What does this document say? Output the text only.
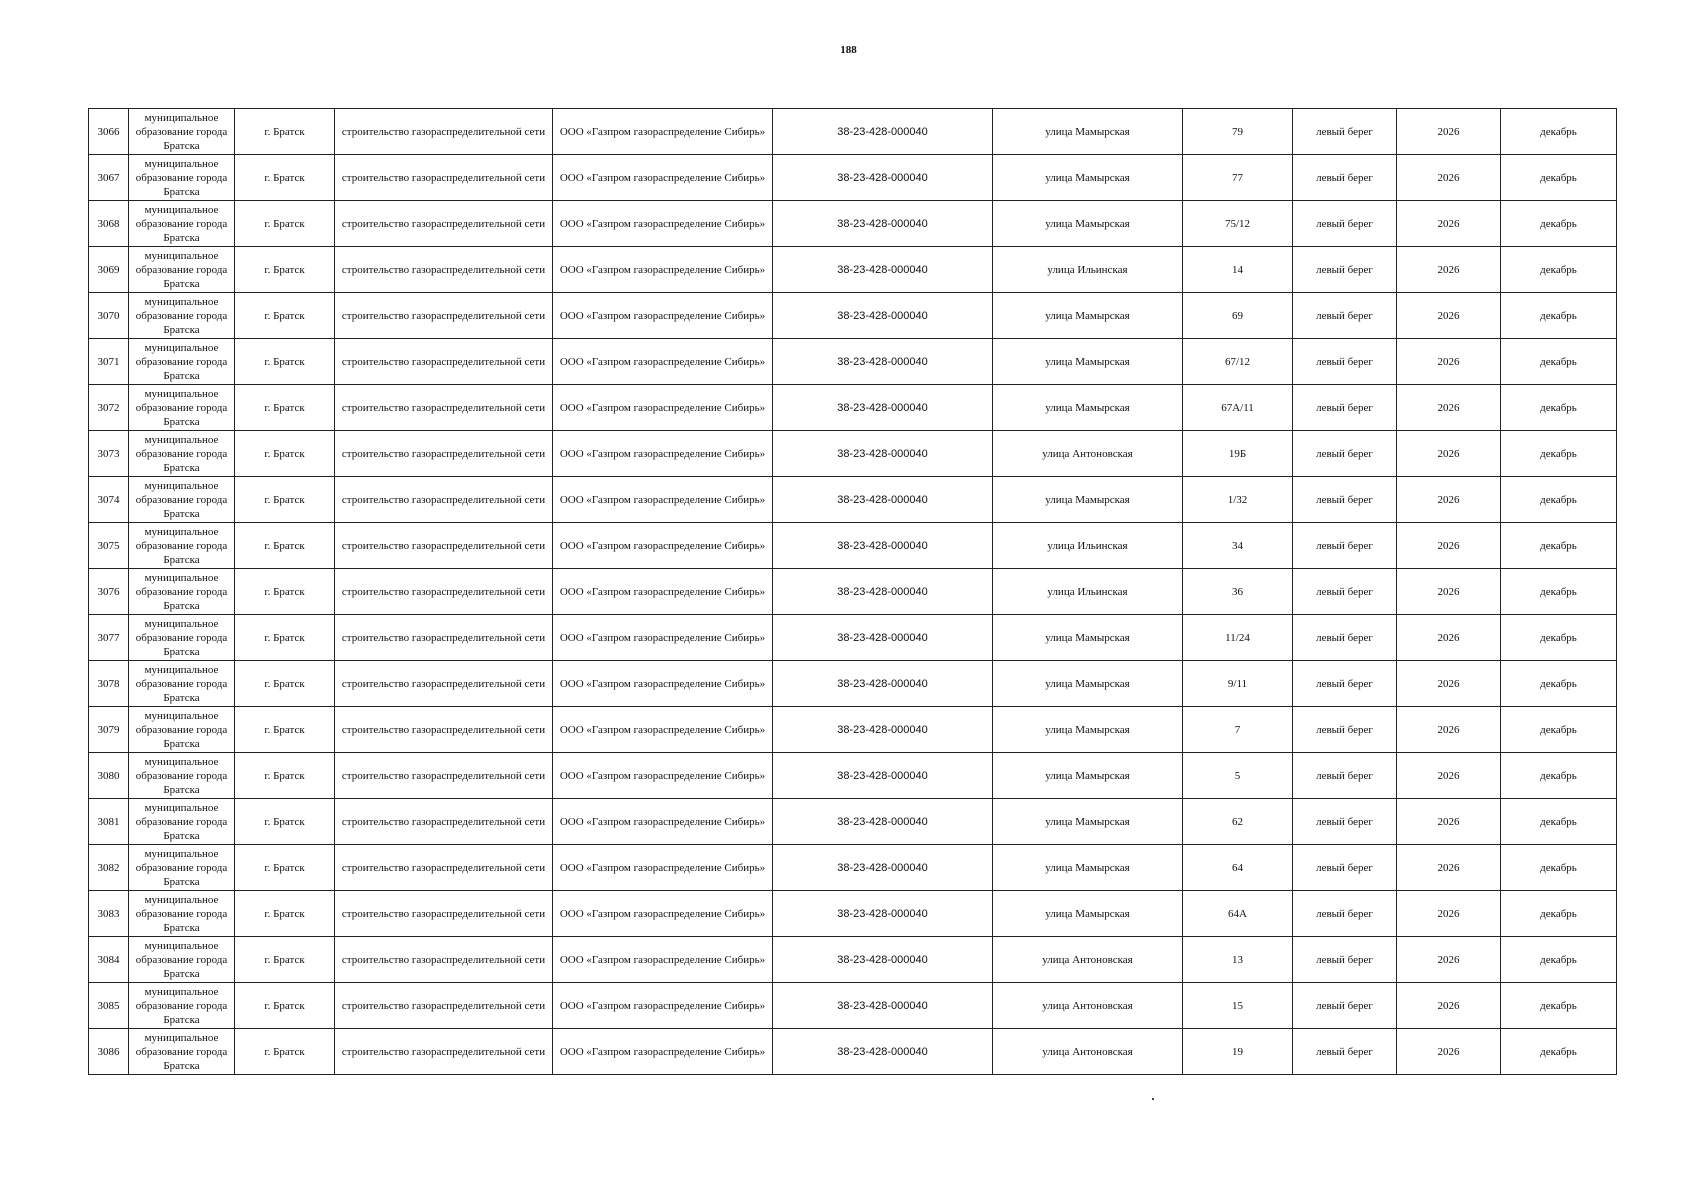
188
3066	муниципальное образование города Братска	г. Братск	строительство газораспределительной сети	ООО «Газпром газораспределение Сибирь»	38-23-428-000040	улица Мамырская	79	левый берег	2026	декабрь
3067	муниципальное образование города Братска	г. Братск	строительство газораспределительной сети	ООО «Газпром газораспределение Сибирь»	38-23-428-000040	улица Мамырская	77	левый берег	2026	декабрь
3068	муниципальное образование города Братска	г. Братск	строительство газораспределительной сети	ООО «Газпром газораспределение Сибирь»	38-23-428-000040	улица Мамырская	75/12	левый берег	2026	декабрь
3069	муниципальное образование города Братска	г. Братск	строительство газораспределительной сети	ООО «Газпром газораспределение Сибирь»	38-23-428-000040	улица Ильинская	14	левый берег	2026	декабрь
3070	муниципальное образование города Братска	г. Братск	строительство газораспределительной сети	ООО «Газпром газораспределение Сибирь»	38-23-428-000040	улица Мамырская	69	левый берег	2026	декабрь
3071	муниципальное образование города Братска	г. Братск	строительство газораспределительной сети	ООО «Газпром газораспределение Сибирь»	38-23-428-000040	улица Мамырская	67/12	левый берег	2026	декабрь
3072	муниципальное образование города Братска	г. Братск	строительство газораспределительной сети	ООО «Газпром газораспределение Сибирь»	38-23-428-000040	улица Мамырская	67А/11	левый берег	2026	декабрь
3073	муниципальное образование города Братска	г. Братск	строительство газораспределительной сети	ООО «Газпром газораспределение Сибирь»	38-23-428-000040	улица Антоновская	19Б	левый берег	2026	декабрь
3074	муниципальное образование города Братска	г. Братск	строительство газораспределительной сети	ООО «Газпром газораспределение Сибирь»	38-23-428-000040	улица Мамырская	1/32	левый берег	2026	декабрь
3075	муниципальное образование города Братска	г. Братск	строительство газораспределительной сети	ООО «Газпром газораспределение Сибирь»	38-23-428-000040	улица Ильинская	34	левый берег	2026	декабрь
3076	муниципальное образование города Братска	г. Братск	строительство газораспределительной сети	ООО «Газпром газораспределение Сибирь»	38-23-428-000040	улица Ильинская	36	левый берег	2026	декабрь
3077	муниципальное образование города Братска	г. Братск	строительство газораспределительной сети	ООО «Газпром газораспределение Сибирь»	38-23-428-000040	улица Мамырская	11/24	левый берег	2026	декабрь
3078	муниципальное образование города Братска	г. Братск	строительство газораспределительной сети	ООО «Газпром газораспределение Сибирь»	38-23-428-000040	улица Мамырская	9/11	левый берег	2026	декабрь
3079	муниципальное образование города Братска	г. Братск	строительство газораспределительной сети	ООО «Газпром газораспределение Сибирь»	38-23-428-000040	улица Мамырская	7	левый берег	2026	декабрь
3080	муниципальное образование города Братска	г. Братск	строительство газораспределительной сети	ООО «Газпром газораспределение Сибирь»	38-23-428-000040	улица Мамырская	5	левый берег	2026	декабрь
3081	муниципальное образование города Братска	г. Братск	строительство газораспределительной сети	ООО «Газпром газораспределение Сибирь»	38-23-428-000040	улица Мамырская	62	левый берег	2026	декабрь
3082	муниципальное образование города Братска	г. Братск	строительство газораспределительной сети	ООО «Газпром газораспределение Сибирь»	38-23-428-000040	улица Мамырская	64	левый берег	2026	декабрь
3083	муниципальное образование города Братска	г. Братск	строительство газораспределительной сети	ООО «Газпром газораспределение Сибирь»	38-23-428-000040	улица Мамырская	64А	левый берег	2026	декабрь
3084	муниципальное образование города Братска	г. Братск	строительство газораспределительной сети	ООО «Газпром газораспределение Сибирь»	38-23-428-000040	улица Антоновская	13	левый берег	2026	декабрь
3085	муниципальное образование города Братска	г. Братск	строительство газораспределительной сети	ООО «Газпром газораспределение Сибирь»	38-23-428-000040	улица Антоновская	15	левый берег	2026	декабрь
3086	муниципальное образование города Братска	г. Братск	строительство газораспределительной сети	ООО «Газпром газораспределение Сибирь»	38-23-428-000040	улица Антоновская	19	левый берег	2026	декабрь
